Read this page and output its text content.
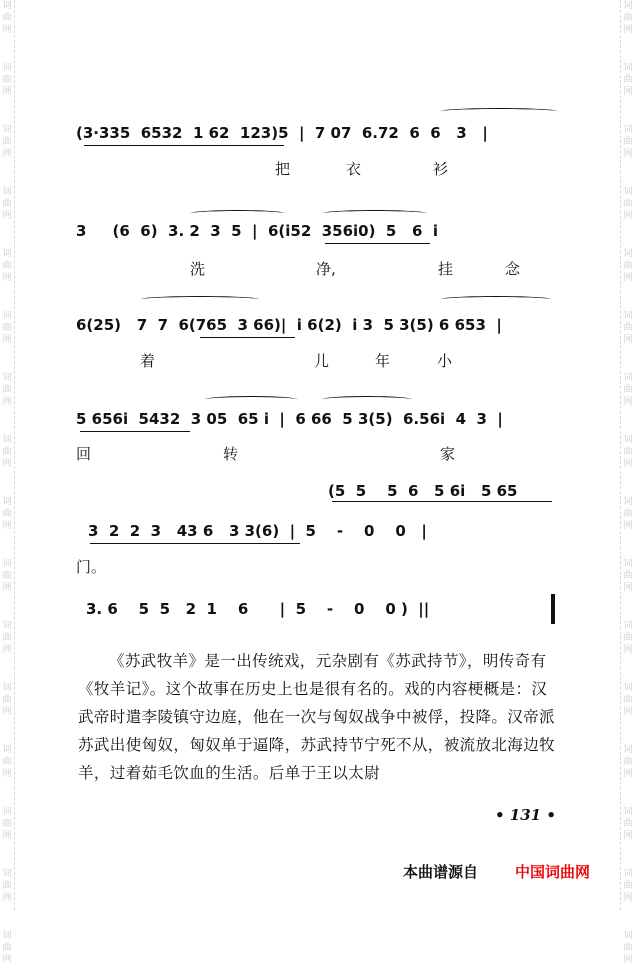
词
曲
网
词
曲
网
词
曲
网
词
曲
网
词
曲
网
词
曲
网
词
曲
网
词
曲
网
词
曲
网
词
曲
网
词
曲
网
词
曲
网
词
曲
网
词
曲
网
词
曲
网
词
曲
网
词
曲
网
词
曲
网
词
曲
网
词
曲
网
词
曲
网
词
曲
网
词
曲
网
词
曲
网
词
曲
网
词
曲
网
词
曲
网
词
曲
网
词
曲
网
词
曲
网
词
曲
网
词
曲
网
(3·335  6532  1 62  123)5  |  7 07  6.72  6  6   3   |
把	衣	衫
3     (6  6)  3. 2  3  5  |  6(i52  356i0)  5   6  i
洗	净,	挂	念
6(25)   7  7  6(765  3 66)|  i 6(2)  i 3  5 3(5) 6 653  |
着	儿	年	小
5 656i  5432  3 05  65 i  |  6 66  5 3(5)  6.56i  4  3  |
回	转	家
(5  5    5  6   5 6i   5 65
3  2  2  3   43 6   3 3(6)  |  5    -    0    0   |
门。
3. 6    5  5   2  1    6      |  5    -    0    0 )  ||

《苏武牧羊》是一出传统戏，元杂剧有《苏武持节》，明传奇有《牧羊记》。这个故事在历史上也是很有名的。戏的内容梗概是：汉武帝时遣李陵镇守边庭，他在一次与匈奴战争中被俘，投降。汉帝派苏武出使匈奴，匈奴单于逼降，苏武持节宁死不从，被流放北海边牧羊，过着茹毛饮血的生活。后单于王以太尉

• 131 •
本曲谱源自 中国词曲网
